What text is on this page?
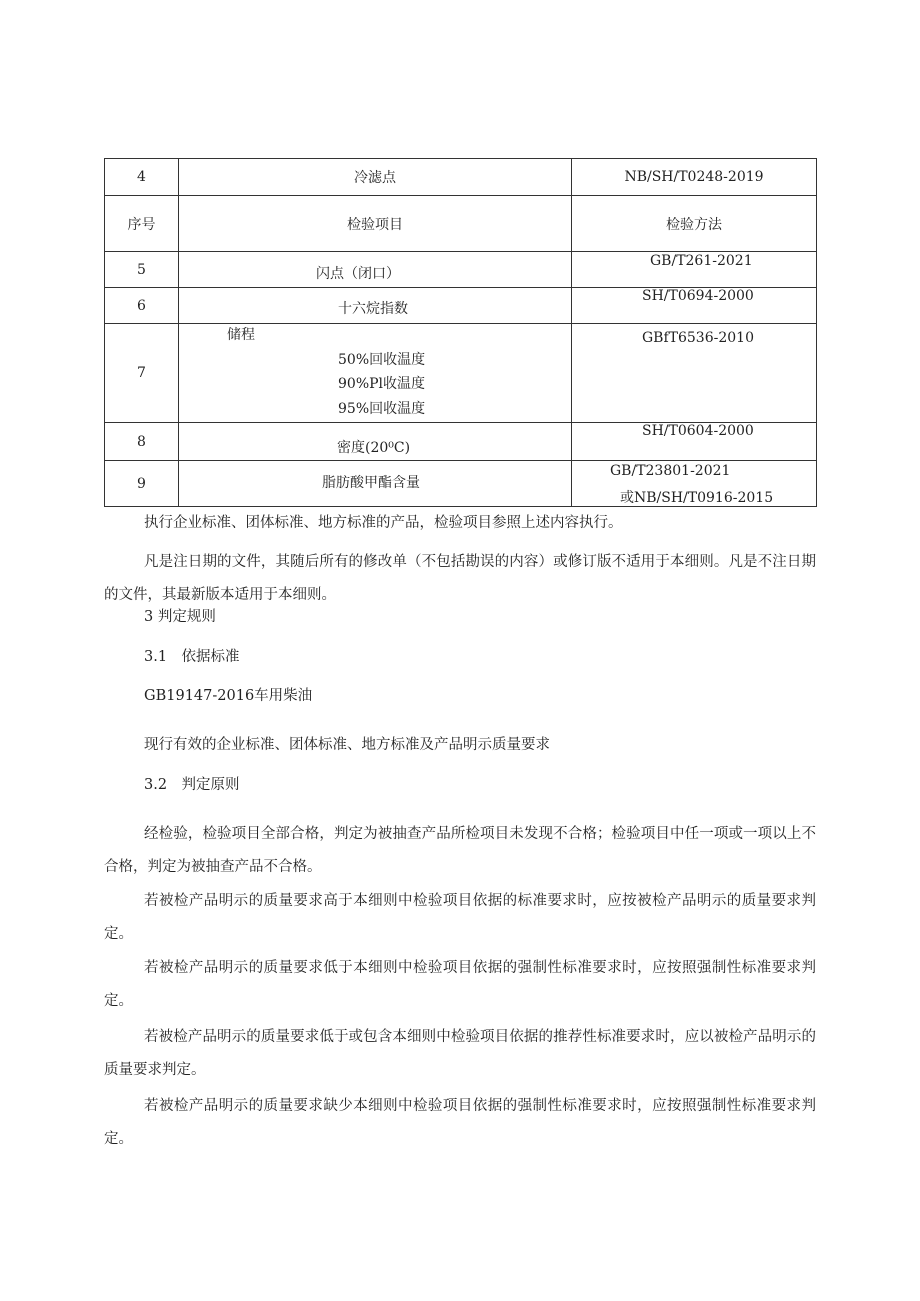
4	冷滤点	NB/SH/T0248-2019
序号	检验项目	检验方法
5	闪点（闭口）	GB/T261-2021

6	十六烷指数	SH/T0694-2000

7	储程
50%回收温度
90%Pl收温度
95%回收温度	GBfT6536-2010

8	密度(20⁰C)	SH/T0604-2000

9	脂肪酸甲酯含量	GB/T23801-2021
或NB/SH/T0916-2015

执行企业标准、团体标准、地方标准的产品，检验项目参照上述内容执行。

凡是注日期的文件，其随后所有的修改单（不包括勘误的内容）或修订版不适用于本细则。凡是不注日期的文件，其最新版本适用于本细则。

3 判定规则

3.1　依据标准

GB19147-2016车用柴油

现行有效的企业标准、团体标准、地方标准及产品明示质量要求

3.2　判定原则

经检验，检验项目全部合格，判定为被抽查产品所检项目未发现不合格；检验项目中任一项或一项以上不合格，判定为被抽查产品不合格。

若被检产品明示的质量要求高于本细则中检验项目依据的标准要求时，应按被检产品明示的质量要求判定。

若被检产品明示的质量要求低于本细则中检验项目依据的强制性标准要求时，应按照强制性标准要求判定。

若被检产品明示的质量要求低于或包含本细则中检验项目依据的推荐性标准要求时，应以被检产品明示的质量要求判定。

若被检产品明示的质量要求缺少本细则中检验项目依据的强制性标准要求时，应按照强制性标准要求判定。
